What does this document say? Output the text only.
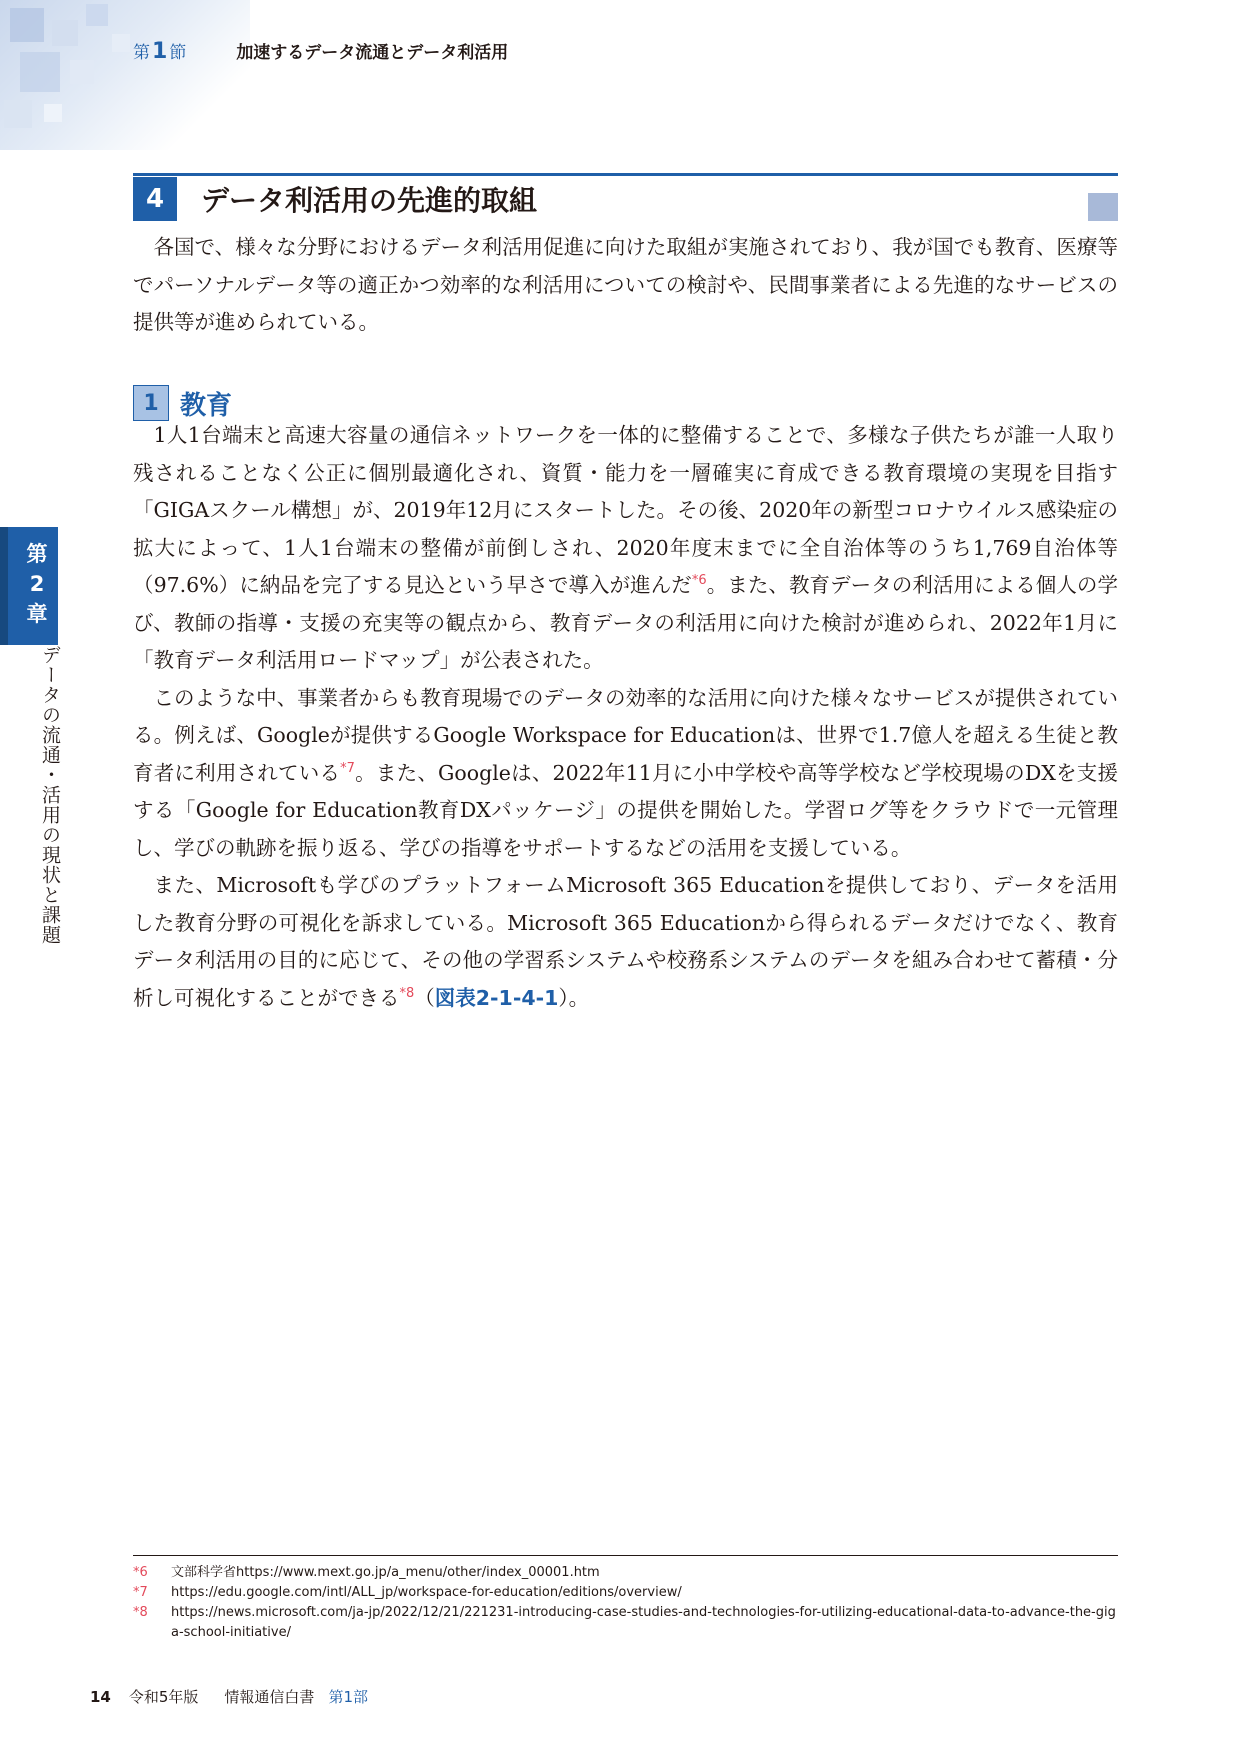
第 1 節	加速するデータ流通とデータ利活用
第2章
データの流通・活用の現状と課題
4	データ利活用の先進的取組

各国で、様々な分野におけるデータ利活用促進に向けた取組が実施されており、我が国でも教育、医療等でパーソナルデータ等の適正かつ効率的な利活用についての検討や、民間事業者による先進的なサービスの提供等が進められている。

1 教育

1人1台端末と高速大容量の通信ネットワークを一体的に整備することで、多様な子供たちが誰一人取り残されることなく公正に個別最適化され、資質・能力を一層確実に育成できる教育環境の実現を目指す「GIGAスクール構想」が、2019年12月にスタートした。その後、2020年の新型コロナウイルス感染症の拡大によって、1人1台端末の整備が前倒しされ、2020年度末までに全自治体等のうち1,769自治体等（97.6%）に納品を完了する見込という早さで導入が進んだ$^{*6}$。また、教育データの利活用による個人の学び、教師の指導・支援の充実等の観点から、教育データの利活用に向けた検討が進められ、2022年1月に「教育データ利活用ロードマップ」が公表された。

このような中、事業者からも教育現場でのデータの効率的な活用に向けた様々なサービスが提供されている。例えば、Googleが提供するGoogle Workspace for Educationは、世界で1.7億人を超える生徒と教育者に利用されている$^{*7}$。また、Googleは、2022年11月に小中学校や高等学校など学校現場のDXを支援する「Google for Education教育DXパッケージ」の提供を開始した。学習ログ等をクラウドで一元管理し、学びの軌跡を振り返る、学びの指導をサポートするなどの活用を支援している。

また、Microsoftも学びのプラットフォームMicrosoft 365 Educationを提供しており、データを活用した教育分野の可視化を訴求している。Microsoft 365 Educationから得られるデータだけでなく、教育データ利活用の目的に応じて、その他の学習系システムや校務系システムのデータを組み合わせて蓄積・分析し可視化することができる$^{*8}$（図表2-1-4-1）。

*6	文部科学省https://www.mext.go.jp/a_menu/other/index_00001.htm
*7	https://edu.google.com/intl/ALL_jp/workspace-for-education/editions/overview/
*8	https://news.microsoft.com/ja-jp/2022/12/21/221231-introducing-case-studies-and-technologies-for-utilizing-educational-data-to-advance-the-giga-school-initiative/
14 令和5年版 情報通信白書 第1部
